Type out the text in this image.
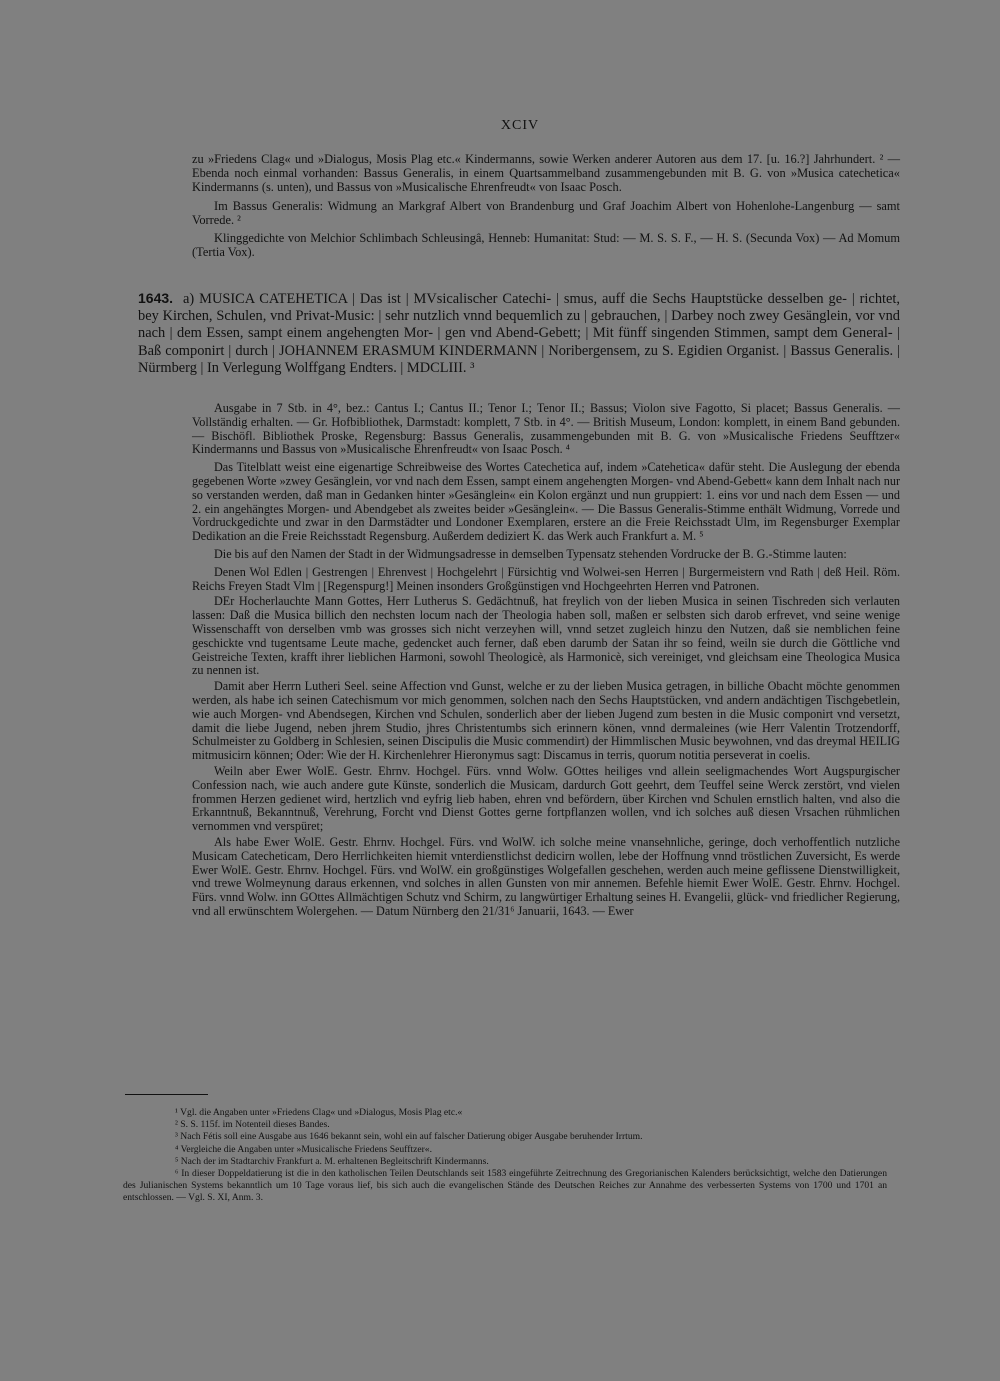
XCIV

zu »Friedens Clag« und »Dialogus, Mosis Plag etc.« Kindermanns, sowie Werken anderer Autoren aus dem 17. [u. 16.?] Jahrhundert. ² — Ebenda noch einmal vorhanden: Bassus Generalis, in einem Quartsammelband zusammengebunden mit B. G. von »Musica catechetica« Kindermanns (s. unten), und Bassus von »Musicalische Ehrenfreudt« von Isaac Posch.

Im Bassus Generalis: Widmung an Markgraf Albert von Brandenburg und Graf Joachim Albert von Hohenlohe-Langenburg — samt Vorrede. ²

Klinggedichte von Melchior Schlimbach Schleusingâ, Henneb: Humanitat: Stud: — M. S. S. F., — H. S. (Secunda Vox) — Ad Momum (Tertia Vox).

1643. a) MUSICA CATEHETICA | Das ist | MVsicalischer Catechi- | smus, auff die Sechs Hauptstücke desselben ge- | richtet, bey Kirchen, Schulen, vnd Privat-Music: | sehr nutzlich vnnd bequemlich zu | gebrauchen, | Darbey noch zwey Gesänglein, vor vnd nach | dem Essen, sampt einem angehengten Mor- | gen vnd Abend-Gebett; | Mit fünff singenden Stimmen, sampt dem General- | Baß componirt | durch | JOHANNEM ERASMUM KINDERMANN | Noribergensem, zu S. Egidien Organist. | Bassus Generalis. | Nürmberg | In Verlegung Wolffgang Endters. | MDCLIII. ³

Ausgabe in 7 Stb. in 4°, bez.: Cantus I.; Cantus II.; Tenor I.; Tenor II.; Bassus; Violon sive Fagotto, Si placet; Bassus Generalis. — Vollständig erhalten. — Gr. Hofbibliothek, Darmstadt: komplett, 7 Stb. in 4°. — British Museum, London: komplett, in einem Band gebunden. — Bischöfl. Bibliothek Proske, Regensburg: Bassus Generalis, zusammengebunden mit B. G. von »Musicalische Friedens Seufftzer« Kindermanns und Bassus von »Musicalische Ehrenfreudt« von Isaac Posch. ⁴

Das Titelblatt weist eine eigenartige Schreibweise des Wortes Catechetica auf, indem »Catehetica« dafür steht. Die Auslegung der ebenda gegebenen Worte »zwey Gesänglein, vor vnd nach dem Essen, sampt einem angehengten Morgen- vnd Abend-Gebett« kann dem Inhalt nach nur so verstanden werden, daß man in Gedanken hinter »Gesänglein« ein Kolon ergänzt und nun gruppiert: 1. eins vor und nach dem Essen — und 2. ein angehängtes Morgen- und Abendgebet als zweites beider »Gesänglein«. — Die Bassus Generalis-Stimme enthält Widmung, Vorrede und Vordruckgedichte und zwar in den Darmstädter und Londoner Exemplaren, erstere an die Freie Reichsstadt Ulm, im Regensburger Exemplar Dedikation an die Freie Reichsstadt Regensburg. Außerdem dediziert K. das Werk auch Frankfurt a. M. ⁵

Die bis auf den Namen der Stadt in der Widmungsadresse in demselben Typensatz stehenden Vordrucke der B. G.-Stimme lauten:

Denen Wol Edlen | Gestrengen | Ehrenvest | Hochgelehrt | Fürsichtig vnd Wolwei-sen Herren | Burgermeistern vnd Rath | deß Heil. Röm. Reichs Freyen Stadt Vlm | [Regenspurg!] Meinen insonders Großgünstigen vnd Hochgeehrten Herren vnd Patronen.

DEr Hocherlauchte Mann Gottes, Herr Lutherus S. Gedächtnuß, hat freylich von der lieben Musica in seinen Tischreden sich verlauten lassen: Daß die Musica billich den nechsten locum nach der Theologia haben soll, maßen er selbsten sich darob erfrevet, vnd seine wenige Wissenschafft von derselben vmb was grosses sich nicht verzeyhen will, vnnd setzet zugleich hinzu den Nutzen, daß sie nemblichen feine geschickte vnd tugentsame Leute mache, gedencket auch ferner, daß eben darumb der Satan ihr so feind, weiln sie durch die Göttliche vnd Geistreiche Texten, krafft ihrer lieblichen Harmoni, sowohl Theologicè, als Harmonicè, sich vereiniget, vnd gleichsam eine Theologica Musica zu nennen ist.

Damit aber Herrn Lutheri Seel. seine Affection vnd Gunst, welche er zu der lieben Musica getragen, in billiche Obacht möchte genommen werden, als habe ich seinen Catechismum vor mich genommen, solchen nach den Sechs Hauptstücken, vnd andern andächtigen Tischgebetlein, wie auch Morgen- vnd Abendsegen, Kirchen vnd Schulen, sonderlich aber der lieben Jugend zum besten in die Music componirt vnd versetzt, damit die liebe Jugend, neben jhrem Studio, jhres Christentumbs sich erinnern könen, vnnd dermaleines (wie Herr Valentin Trotzendorff, Schulmeister zu Goldberg in Schlesien, seinen Discipulis die Music commendirt) der Himmlischen Music beywohnen, vnd das dreymal HEILIG mitmusicirn können; Oder: Wie der H. Kirchenlehrer Hieronymus sagt: Discamus in terris, quorum notitia perseverat in coelis.

Weiln aber Ewer WolE. Gestr. Ehrnv. Hochgel. Fürs. vnnd Wolw. GOttes heiliges vnd allein seeligmachendes Wort Augspurgischer Confession nach, wie auch andere gute Künste, sonderlich die Musicam, dardurch Gott geehrt, dem Teuffel seine Werck zerstört, vnd vielen frommen Herzen gedienet wird, hertzlich vnd eyfrig lieb haben, ehren vnd befördern, über Kirchen vnd Schulen ernstlich halten, vnd also die Erkanntnuß, Bekanntnuß, Verehrung, Forcht vnd Dienst Gottes gerne fortpflanzen wollen, vnd ich solches auß diesen Vrsachen rühmlichen vernommen vnd verspüret;

Als habe Ewer WolE. Gestr. Ehrnv. Hochgel. Fürs. vnd WolW. ich solche meine vnansehnliche, geringe, doch verhoffentlich nutzliche Musicam Catecheticam, Dero Herrlichkeiten hiemit vnterdienstlichst dedicirn wollen, lebe der Hoffnung vnnd tröstlichen Zuversicht, Es werde Ewer WolE. Gestr. Ehrnv. Hochgel. Fürs. vnd WolW. ein großgünstiges Wolgefallen geschehen, werden auch meine geflissene Dienstwilligkeit, vnd trewe Wolmeynung daraus erkennen, vnd solches in allen Gunsten von mir annemen. Befehle hiemit Ewer WolE. Gestr. Ehrnv. Hochgel. Fürs. vnnd Wolw. inn GOttes Allmächtigen Schutz vnd Schirm, zu langwürtiger Erhaltung seines H. Evangelii, glück- vnd friedlicher Regierung, vnd all erwünschtem Wolergehen. — Datum Nürnberg den 21/31⁶ Januarii, 1643. — Ewer

¹ Vgl. die Angaben unter »Friedens Clag« und »Dialogus, Mosis Plag etc.«

² S. S. 115f. im Notenteil dieses Bandes.

³ Nach Fétis soll eine Ausgabe aus 1646 bekannt sein, wohl ein auf falscher Datierung obiger Ausgabe beruhender Irrtum.

⁴ Vergleiche die Angaben unter »Musicalische Friedens Seufftzer«.

⁵ Nach der im Stadtarchiv Frankfurt a. M. erhaltenen Begleitschrift Kindermanns.

⁶ In dieser Doppeldatierung ist die in den katholischen Teilen Deutschlands seit 1583 eingeführte Zeitrechnung des Gregorianischen Kalenders berücksichtigt, welche den Datierungen des Julianischen Systems bekanntlich um 10 Tage voraus lief, bis sich auch die evangelischen Stände des Deutschen Reiches zur Annahme des verbesserten Systems von 1700 und 1701 an entschlossen. — Vgl. S. XI, Anm. 3.
